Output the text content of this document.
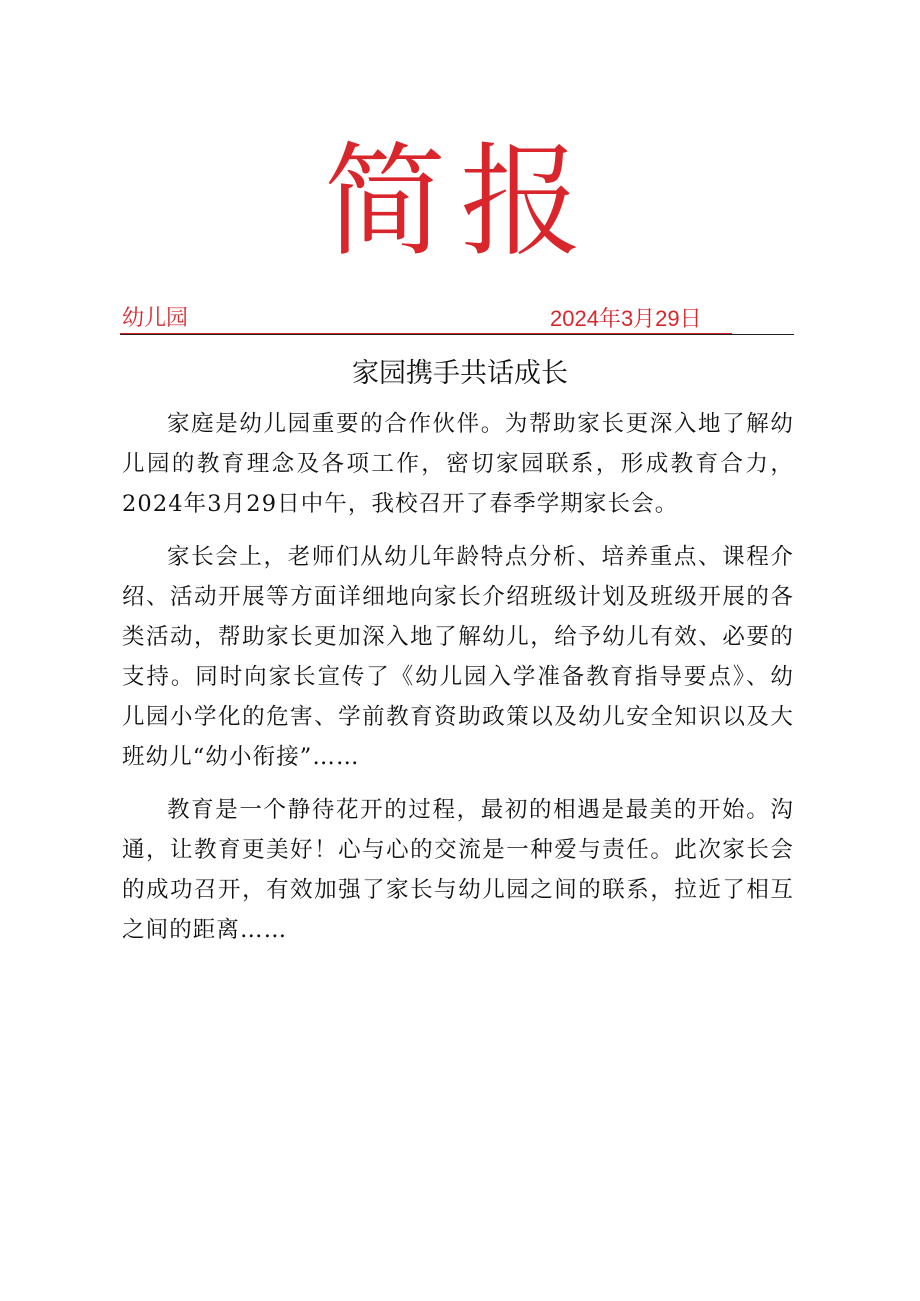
简报
幼儿园	2024年3月29日
家园携手共话成长

家庭是幼儿园重要的合作伙伴。为帮助家长更深入地了解幼儿园的教育理念及各项工作，密切家园联系，形成教育合力，2024年3月29日中午，我校召开了春季学期家长会。

家长会上，老师们从幼儿年龄特点分析、培养重点、课程介绍、活动开展等方面详细地向家长介绍班级计划及班级开展的各类活动，帮助家长更加深入地了解幼儿，给予幼儿有效、必要的支持。同时向家长宣传了《幼儿园入学准备教育指导要点》、幼儿园小学化的危害、学前教育资助政策以及幼儿安全知识以及大班幼儿“幼小衔接”……

教育是一个静待花开的过程，最初的相遇是最美的开始。沟通，让教育更美好！心与心的交流是一种爱与责任。此次家长会的成功召开，有效加强了家长与幼儿园之间的联系，拉近了相互之间的距离……
